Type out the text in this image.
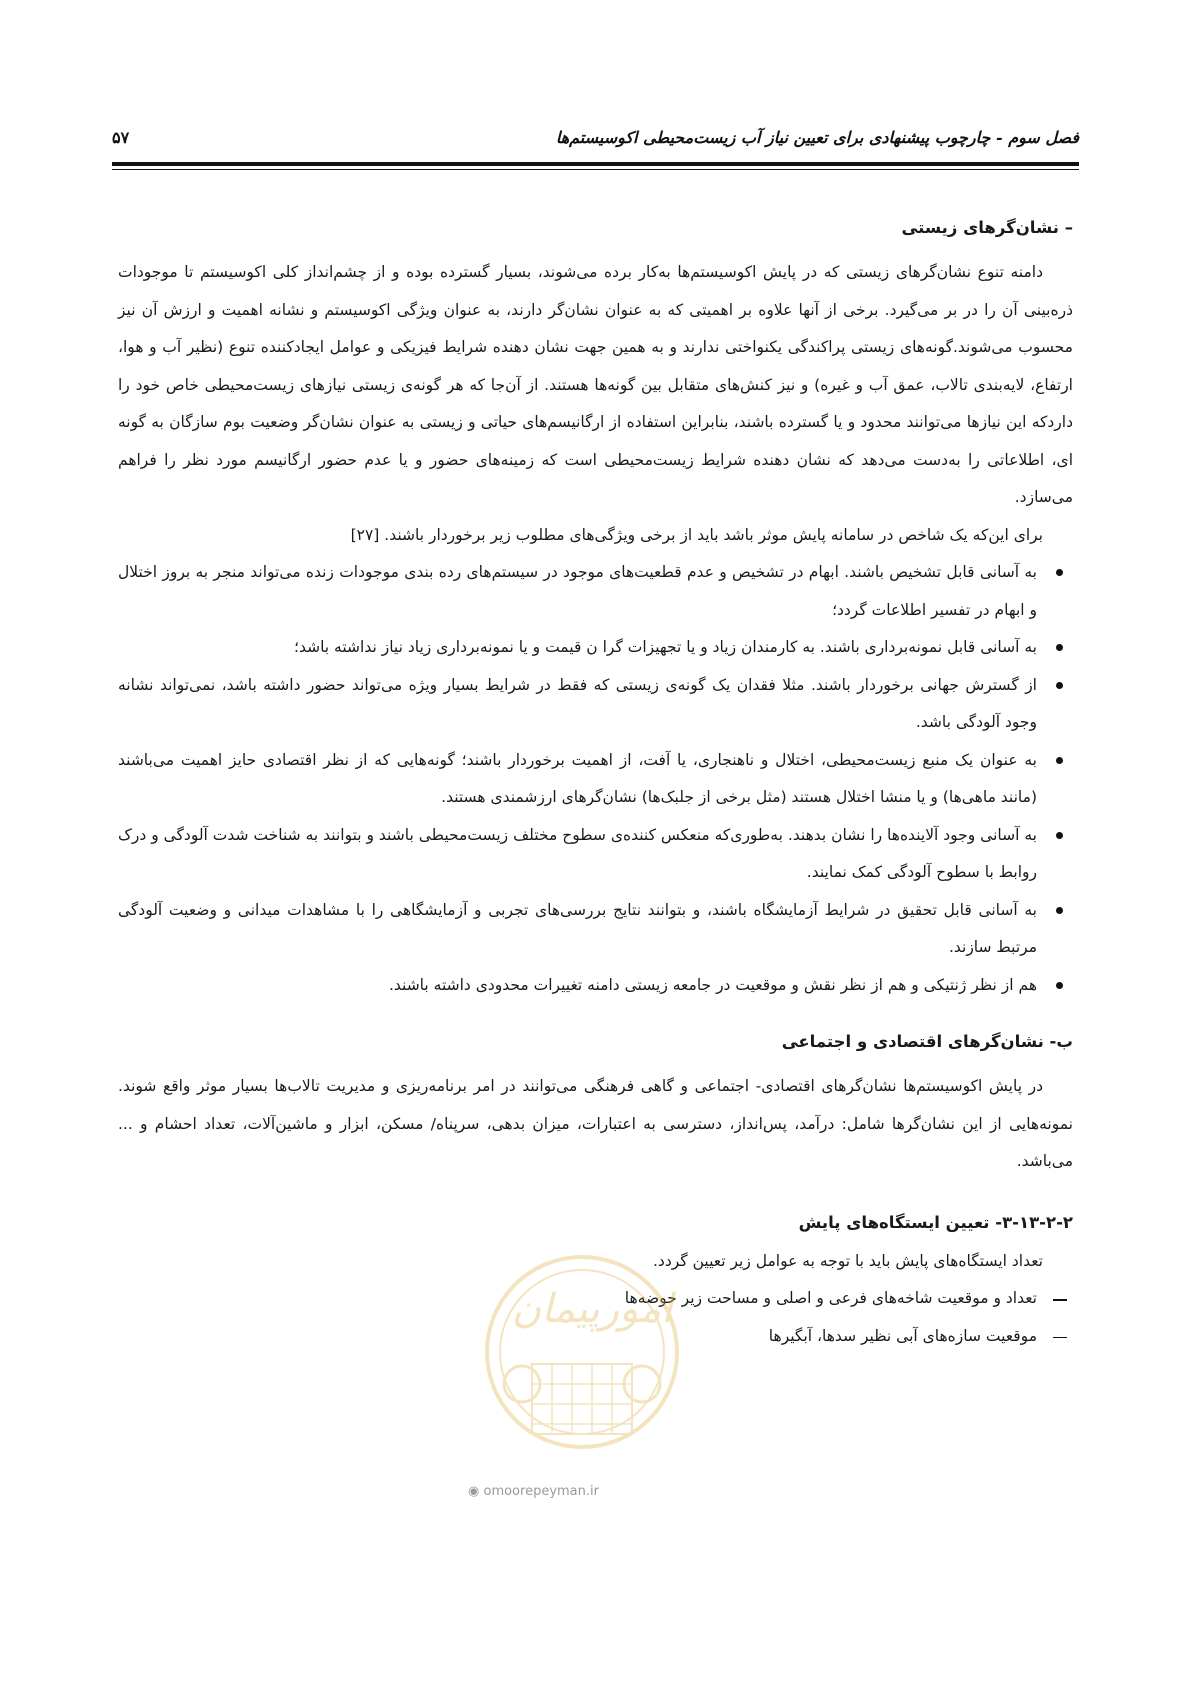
فصل سوم - چارچوب پیشنهادی برای تعیین نیاز آب زیست‌محیطی اکوسیستم‌ها
۵۷
– نشان‌گرهای زیستی

دامنه تنوع نشان‌گرهای زیستی که در پایش اکوسیستم‌ها به‌کار برده می‌شوند، بسیار گسترده بوده و از چشم‌انداز کلی اکوسیستم تا موجودات ذره‌بینی آن را در بر می‌گیرد. برخی از آنها علاوه بر اهمیتی که به عنوان نشان‌گر دارند، به عنوان ویژگی اکوسیستم و نشانه اهمیت و ارزش آن نیز محسوب می‌شوند.گونه‌های زیستی پراکندگی یکنواختی ندارند و به همین جهت نشان دهنده شرایط فیزیکی و عوامل ایجادکننده تنوع (نظیر آب و هوا، ارتفاع، لایه‌بندی تالاب، عمق آب و غیره) و نیز کنش‌های متقابل بین گونه‌ها هستند. از آن‌جا که هر گونه‌ی زیستی نیازهای زیست‌محیطی خاص خود را داردکه این نیازها می‌توانند محدود و یا گسترده باشند، بنابراین استفاده از ارگانیسم‌های حیاتی و زیستی به عنوان نشان‌گر وضعیت بوم سازگان به گونه ای، اطلاعاتی را به‌دست می‌دهد که نشان دهنده شرایط زیست‌محیطی است که زمینه‌های حضور و یا عدم حضور ارگانیسم مورد نظر را فراهم می‌سازد.

برای این‌که یک شاخص در سامانه پایش موثر باشد باید از برخی ویژگی‌های مطلوب زیر برخوردار باشند. [۲۷]

به آسانی قابل تشخیص باشند. ابهام در تشخیص و عدم قطعیت‌های موجود در سیستم‌های رده بندی موجودات زنده می‌تواند منجر به بروز اختلال و ابهام در تفسیر اطلاعات گردد؛
به آسانی قابل نمونه‌برداری باشند. به کارمندان زیاد و یا تجهیزات گرا ن قیمت و یا نمونه‌برداری زیاد نیاز نداشته باشد؛
از گسترش جهانی برخوردار باشند. مثلا فقدان یک گونه‌ی زیستی که فقط در شرایط بسیار ویژه می‌تواند حضور داشته باشد، نمی‌تواند نشانه وجود آلودگی باشد.
به عنوان یک منبع زیست‌محیطی، اختلال و ناهنجاری، یا آفت، از اهمیت برخوردار باشند؛ گونه‌هایی که از نظر اقتصادی حایز اهمیت می‌باشند (مانند ماهی‌ها) و یا منشا اختلال هستند (مثل برخی از جلبک‌ها) نشان‌گرهای ارزشمندی هستند.
به آسانی وجود آلاینده‌ها را نشان بدهند. به‌طوری‌که منعکس کننده‌ی سطوح مختلف زیست‌محیطی باشند و بتوانند به شناخت شدت آلودگی و درک روابط با سطوح آلودگی کمک نمایند.
به آسانی قابل تحقیق در شرایط آزمایشگاه باشند، و بتوانند نتایج بررسی‌های تجربی و آزمایشگاهی را با مشاهدات میدانی و وضعیت آلودگی مرتبط سازند.
هم از نظر ژنتیکی و هم از نظر نقش و موقعیت در جامعه زیستی دامنه تغییرات محدودی داشته باشند.
ب- نشان‌گرهای اقتصادی و اجتماعی

در پایش اکوسیستم‌ها نشان‌گرهای اقتصادی- اجتماعی و گاهی فرهنگی می‌توانند در امر برنامه‌ریزی و مدیریت تالاب‌ها بسیار موثر واقع شوند. نمونه‌هایی از این نشان‌گرها شامل: درآمد، پس‌انداز، دسترسی به اعتبارات، میزان بدهی، سرپناه/ مسکن، ابزار و ماشین‌آلات، تعداد احشام و ... می‌باشد.

۳-۱۳-۲-۲- تعیین ایستگاه‌های پایش

تعداد ایستگاه‌های پایش باید با توجه به عوامل زیر تعیین گردد.

تعداد و موقعیت شاخه‌های فرعی و اصلی و مساحت زیر حوضه‌ها
موقعیت سازه‌های آبی نظیر سدها، آبگیرها
امورپیمان
◉ omoorepeyman.ir
